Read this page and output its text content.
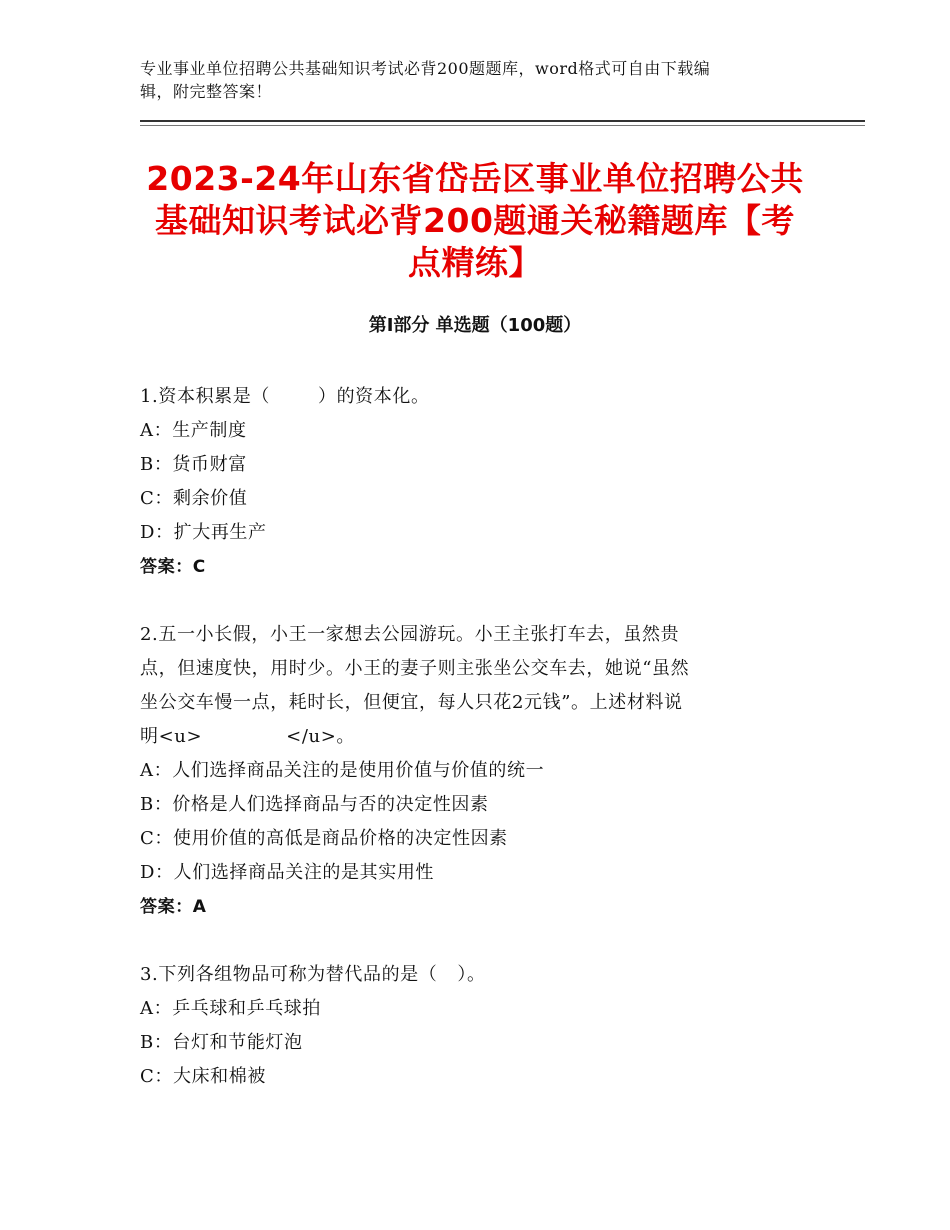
专业事业单位招聘公共基础知识考试必背200题题库，word格式可自由下载编
辑，附完整答案！
2023-24年山东省岱岳区事业单位招聘公共
基础知识考试必背200题通关秘籍题库【考
点精练】
第Ⅰ部分 单选题（100题）

1.资本积累是（	）的资本化。

A：生产制度

B：货币财富

C：剩余价值

D：扩大再生产

答案：C

2.五一小长假，小王一家想去公园游玩。小王主张打车去，虽然贵

点，但速度快，用时少。小王的妻子则主张坐公交车去，她说“虽然

坐公交车慢一点，耗时长，但便宜，每人只花2元钱”。上述材料说

明<u>	</u>。

A：人们选择商品关注的是使用价值与价值的统一

B：价格是人们选择商品与否的决定性因素

C：使用价值的高低是商品价格的决定性因素

D：人们选择商品关注的是其实用性

答案：A

3.下列各组物品可称为替代品的是（ ）。

A：乒乓球和乒乓球拍

B：台灯和节能灯泡

C：大床和棉被
